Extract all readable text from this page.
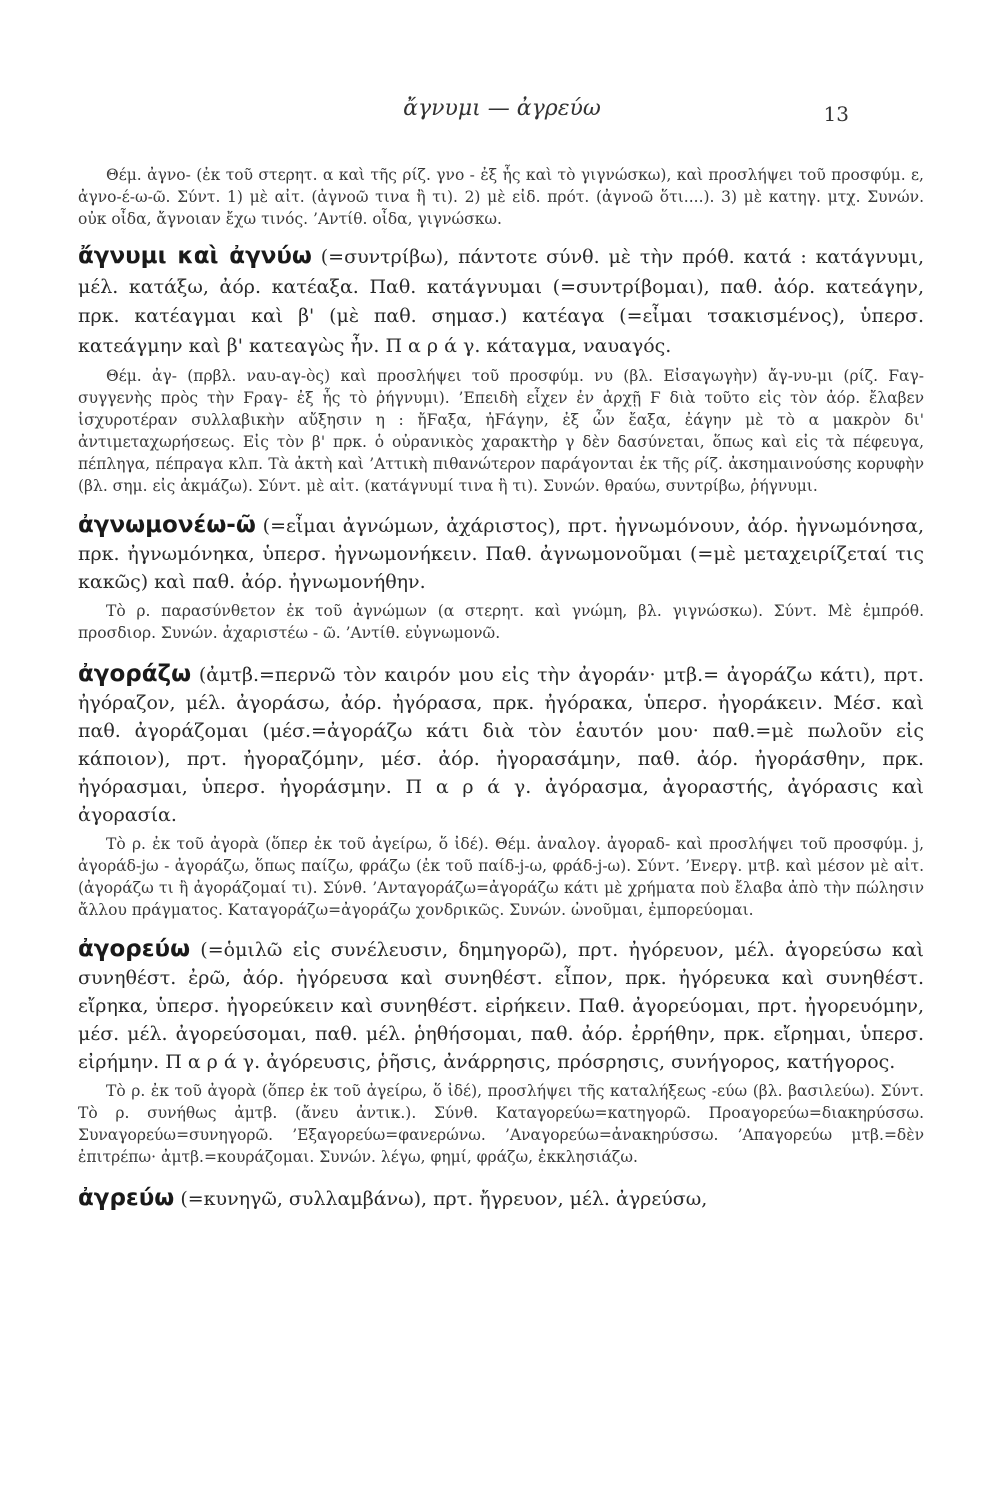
ἄγνυμι — ἀγρεύω	13

Θέμ. ἀγνο- (ἐκ τοῦ στερητ. α καὶ τῆς ρίζ. γνο - ἐξ ἧς καὶ τὸ γιγνώσκω), καὶ προσλήψει τοῦ προσφύμ. ε, ἀγνο-έ-ω-ῶ. Σύντ. 1) μὲ αἰτ. (ἀγνοῶ τινα ἢ τι). 2) μὲ εἰδ. πρότ. (ἀγνοῶ ὅτι....). 3) μὲ κατηγ. μτχ. Συνών. οὐκ οἶδα, ἄγνοιαν ἔχω τινός. ’Αντίθ. οἶδα, γιγνώσκω.

ἄγνυμι καὶ ἀγνύω (=συντρίβω), πάντοτε σύνθ. μὲ τὴν πρόθ. κατά : κατάγνυμι, μέλ. κατάξω, ἀόρ. κατέαξα. Παθ. κατάγνυμαι (=συντρίβομαι), παθ. ἀόρ. κατεάγην, πρκ. κατέαγμαι καὶ β' (μὲ παθ. σημασ.) κατέαγα (=εἶμαι τσακισμένος), ὑπερσ. κατεάγμην καὶ β' κατεαγὼς ἦν. Π α ρ ά γ. κάταγμα, ναυαγός.

Θέμ. ἀγ- (πρβλ. ναυ-αγ-ὸς) καὶ προσλήψει τοῦ προσφύμ. νυ (βλ. Εἰσαγωγὴν) ἄγ-νυ-μι (ρίζ. Ϝαγ- συγγενὴς πρὸς τὴν Ϝραγ- ἐξ ἧς τὸ ῥήγνυμι). ’Επειδὴ εἶχεν ἐν ἀρχῇ Ϝ διὰ τοῦτο εἰς τὸν ἀόρ. ἔλαβεν ἰσχυροτέραν συλλαβικὴν αὔξησιν η : ἤϜαξα, ἠϜάγην, ἐξ ὧν ἔαξα, ἐάγην μὲ τὸ α μακρὸν δι' ἀντιμεταχωρήσεως. Εἰς τὸν β' πρκ. ὁ οὐρανικὸς χαρακτὴρ γ δὲν δασύνεται, ὅπως καὶ εἰς τὰ πέφευγα, πέπληγα, πέπραγα κλπ. Τὰ ἀκτὴ καὶ ’Αττικὴ πιθανώτερον παράγονται ἐκ τῆς ρίζ. ἀκσημαινούσης κορυφὴν (βλ. σημ. εἰς ἀκμάζω). Σύντ. μὲ αἰτ. (κατάγνυμί τινα ἢ τι). Συνών. θραύω, συντρίβω, ῥήγνυμι.

ἀγνωμονέω-ῶ (=εἶμαι ἀγνώμων, ἀχάριστος), πρτ. ἠγνωμόνουν, ἀόρ. ἠγνωμόνησα, πρκ. ἠγνωμόνηκα, ὑπερσ. ἠγνωμονήκειν. Παθ. ἀγνωμονοῦμαι (=μὲ μεταχειρίζεταί τις κακῶς) καὶ παθ. ἀόρ. ἠγνωμονήθην.

Τὸ ρ. παρασύνθετον ἐκ τοῦ ἀγνώμων (α στερητ. καὶ γνώμη, βλ. γιγνώσκω). Σύντ. Μὲ ἐμπρόθ. προσδιορ. Συνών. ἀχαριστέω - ῶ. ’Αντίθ. εὐγνωμονῶ.

ἀγοράζω (ἀμτβ.=περνῶ τὸν καιρόν μου εἰς τὴν ἀγοράν· μτβ.= ἀγοράζω κάτι), πρτ. ἠγόραζον, μέλ. ἀγοράσω, ἀόρ. ἠγόρασα, πρκ. ἠγόρακα, ὑπερσ. ἠγοράκειν. Μέσ. καὶ παθ. ἀγοράζομαι (μέσ.=ἀγοράζω κάτι διὰ τὸν ἑαυτόν μου· παθ.=μὲ πωλοῦν εἰς κάποιον), πρτ. ἠγοραζόμην, μέσ. ἀόρ. ἠγορασάμην, παθ. ἀόρ. ἠγοράσθην, πρκ. ἠγόρασμαι, ὑπερσ. ἠγοράσμην. Π α ρ ά γ. ἀγόρασμα, ἀγοραστής, ἀγόρασις καὶ ἀγορασία.

Τὸ ρ. ἐκ τοῦ ἀγορὰ (ὅπερ ἐκ τοῦ ἀγείρω, ὅ ἰδέ). Θέμ. ἀναλογ. ἀγοραδ- καὶ προσλήψει τοῦ προσφύμ. j, ἀγοράδ-jω - ἀγοράζω, ὅπως παίζω, φράζω (ἐκ τοῦ παίδ-j-ω, φράδ-j-ω). Σύντ. ’Ενεργ. μτβ. καὶ μέσον μὲ αἰτ. (ἀγοράζω τι ἢ ἀγοράζομαί τι). Σύνθ. ’Ανταγοράζω=ἀγοράζω κάτι μὲ χρήματα ποὺ ἔλαβα ἀπὸ τὴν πώλησιν ἄλλου πράγματος. Καταγοράζω=ἀγοράζω χονδρικῶς. Συνών. ὠνοῦμαι, ἐμπορεύομαι.

ἀγορεύω (=ὁμιλῶ εἰς συνέλευσιν, δημηγορῶ), πρτ. ἠγόρευον, μέλ. ἀγορεύσω καὶ συνηθέστ. ἐρῶ, ἀόρ. ἠγόρευσα καὶ συνηθέστ. εἶπον, πρκ. ἠγόρευκα καὶ συνηθέστ. εἴρηκα, ὑπερσ. ἠγορεύκειν καὶ συνηθέστ. εἰρήκειν. Παθ. ἀγορεύομαι, πρτ. ἠγορευόμην, μέσ. μέλ. ἀγορεύσομαι, παθ. μέλ. ῥηθήσομαι, παθ. ἀόρ. ἐρρήθην, πρκ. εἴρημαι, ὑπερσ. εἰρήμην. Π α ρ ά γ. ἀγόρευσις, ῥῆσις, ἀνάρρησις, πρόσρησις, συνήγορος, κατήγορος.

Τὸ ρ. ἐκ τοῦ ἀγορὰ (ὅπερ ἐκ τοῦ ἀγείρω, ὅ ἰδέ), προσλήψει τῆς καταλήξεως -εύω (βλ. βασιλεύω). Σύντ. Τὸ ρ. συνήθως ἀμτβ. (ἄνευ ἀντικ.). Σύνθ. Καταγορεύω=κατηγορῶ. Προαγορεύω=διακηρύσσω. Συναγορεύω=συνηγορῶ. ’Εξαγορεύω=φανερώνω. ’Αναγορεύω=ἀνακηρύσσω. ’Απαγορεύω μτβ.=δὲν ἐπιτρέπω· ἀμτβ.=κουράζομαι. Συνών. λέγω, φημί, φράζω, ἐκκλησιάζω.

ἀγρεύω (=κυνηγῶ, συλλαμβάνω), πρτ. ἤγρευον, μέλ. ἀγρεύσω,
